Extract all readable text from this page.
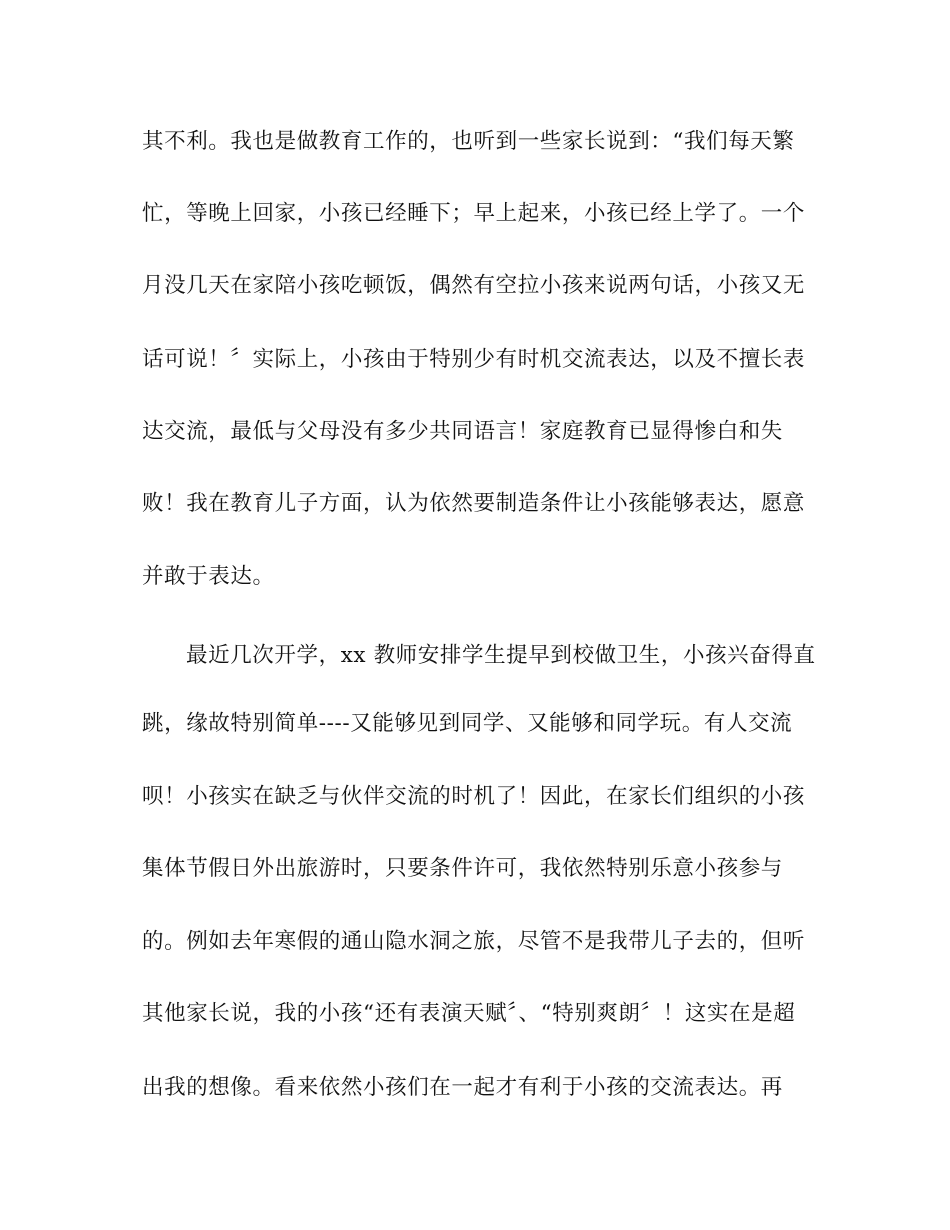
其不利。我也是做教育工作的，也听到一些家长说到：“我们每天繁
忙，等晚上回家，小孩已经睡下；早上起来，小孩已经上学了。一个
月没几天在家陪小孩吃顿饭，偶然有空拉小孩来说两句话，小孩又无
话可说！〞实际上，小孩由于特别少有时机交流表达，以及不擅长表
达交流，最低与父母没有多少共同语言！家庭教育已显得惨白和失
败！我在教育儿子方面，认为依然要制造条件让小孩能够表达，愿意
并敢于表达。
最近几次开学，xx 教师安排学生提早到校做卫生，小孩兴奋得直
跳，缘故特别简单----又能够见到同学、又能够和同学玩。有人交流
呗！小孩实在缺乏与伙伴交流的时机了！因此，在家长们组织的小孩
集体节假日外出旅游时，只要条件许可，我依然特别乐意小孩参与
的。例如去年寒假的通山隐水洞之旅，尽管不是我带儿子去的，但听
其他家长说，我的小孩“还有表演天赋〞、“特别爽朗〞！这实在是超
出我的想像。看来依然小孩们在一起才有利于小孩的交流表达。再
